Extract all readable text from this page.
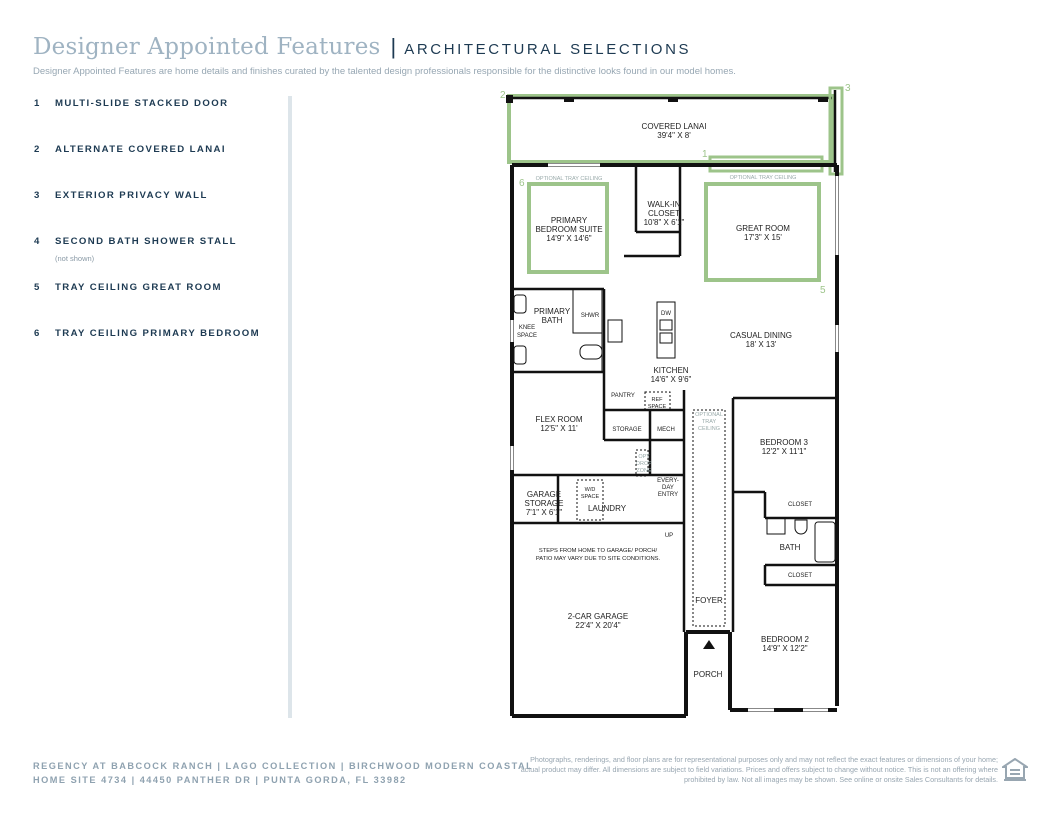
Designer Appointed Features | ARCHITECTURAL SELECTIONS
Designer Appointed Features are home details and finishes curated by the talented design professionals responsible for the distinctive looks found in our model homes.
1 MULTI-SLIDE STACKED DOOR
2 ALTERNATE COVERED LANAI
3 EXTERIOR PRIVACY WALL
4 SECOND BATH SHOWER STALL
(not shown)
5 TRAY CEILING GREAT ROOM
6 TRAY CEILING PRIMARY BEDROOM
2
3
1
6
5
COVERED LANAI
39'4" X 8'
OPTIONAL TRAY CEILING	OPTIONAL TRAY CEILING
PRIMARY
BEDROOM SUITE
14'9" X 14'6"
WALK-IN
CLOSET
10'8" X 6'1"
GREAT ROOM
17'3" X 15'
PRIMARY
BATH	SHWR
KNEE
SPACE
DW
CASUAL DINING
18' X 13'
KITCHEN
14'6" X 9'6"
PANTRY
REF
SPACE
FLEX ROOM
12'5" X 11'	STORAGE	MECH
OPTIONAL
TRAY
CEILING
BEDROOM 3
12'2" X 11'1"
OPT
DROP
ZONE
EVERY-
DAY
ENTRY
GARAGE
STORAGE
7'1" X 6'1"
W/D
SPACE
LAUNDRY	CLOSET
BATH
CLOSET
UP
STEPS FROM HOME TO GARAGE/ PORCH/
PATIO MAY VARY DUE TO SITE CONDITIONS.
2-CAR GARAGE
22'4" X 20'4"
FOYER
BEDROOM 2
14'9" X 12'2"
PORCH
REGENCY AT BABCOCK RANCH | LAGO COLLECTION | BIRCHWOOD MODERN COASTAL
HOME SITE 4734 | 44450 PANTHER DR | PUNTA GORDA, FL 33982
Photographs, renderings, and floor plans are for representational purposes only and may not reflect the exact features or dimensions of your home; actual product may differ. All dimensions are subject to field variations. Prices and offers subject to change without notice. This is not an offering where prohibited by law. Not all images may be shown. See online or onsite Sales Consultants for details.
